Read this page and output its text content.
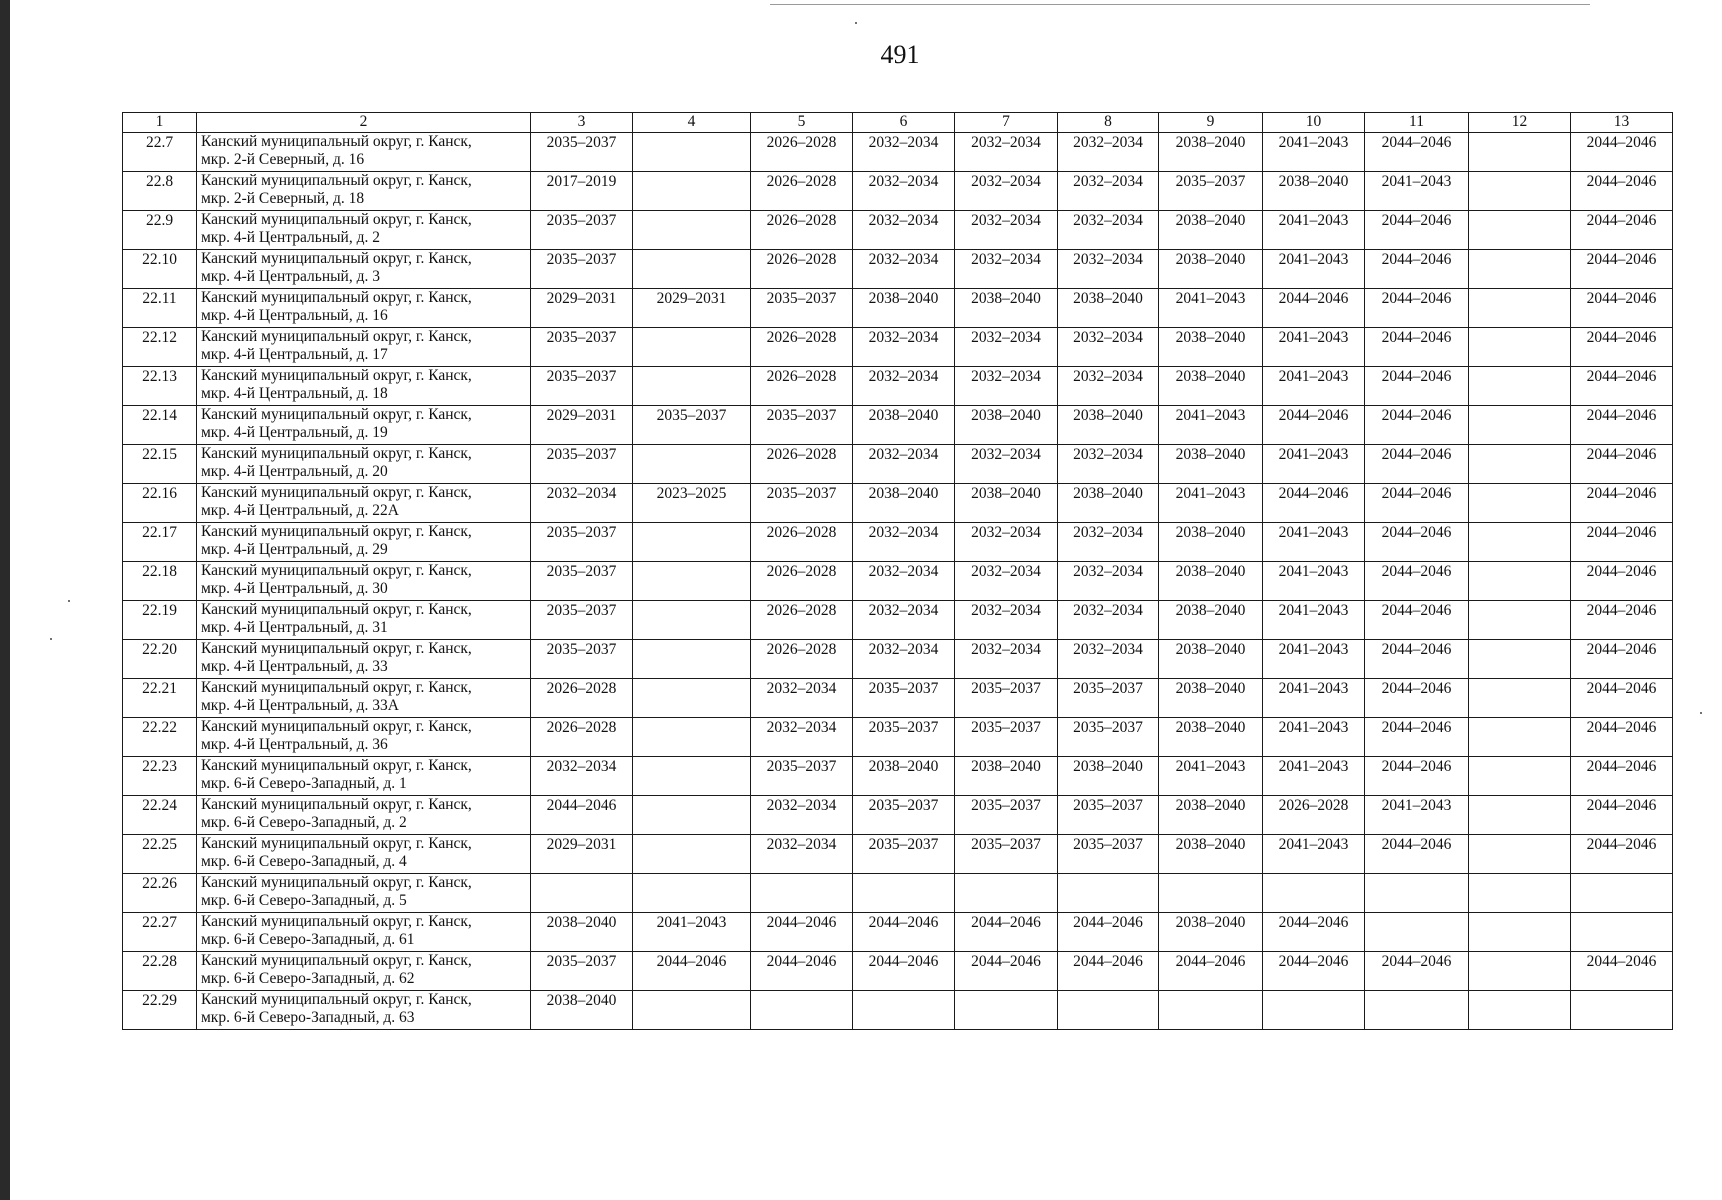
491
1	2	3	4	5	6	7	8	9	10	11	12	13
22.7	Канский муниципальный округ, г. Канск,
мкр. 2-й Северный, д. 16	2035–2037		2026–2028	2032–2034	2032–2034	2032–2034	2038–2040	2041–2043	2044–2046		2044–2046
22.8	Канский муниципальный округ, г. Канск,
мкр. 2-й Северный, д. 18	2017–2019		2026–2028	2032–2034	2032–2034	2032–2034	2035–2037	2038–2040	2041–2043		2044–2046
22.9	Канский муниципальный округ, г. Канск,
мкр. 4-й Центральный, д. 2	2035–2037		2026–2028	2032–2034	2032–2034	2032–2034	2038–2040	2041–2043	2044–2046		2044–2046
22.10	Канский муниципальный округ, г. Канск,
мкр. 4-й Центральный, д. 3	2035–2037		2026–2028	2032–2034	2032–2034	2032–2034	2038–2040	2041–2043	2044–2046		2044–2046
22.11	Канский муниципальный округ, г. Канск,
мкр. 4-й Центральный, д. 16	2029–2031	2029–2031	2035–2037	2038–2040	2038–2040	2038–2040	2041–2043	2044–2046	2044–2046		2044–2046
22.12	Канский муниципальный округ, г. Канск,
мкр. 4-й Центральный, д. 17	2035–2037		2026–2028	2032–2034	2032–2034	2032–2034	2038–2040	2041–2043	2044–2046		2044–2046
22.13	Канский муниципальный округ, г. Канск,
мкр. 4-й Центральный, д. 18	2035–2037		2026–2028	2032–2034	2032–2034	2032–2034	2038–2040	2041–2043	2044–2046		2044–2046
22.14	Канский муниципальный округ, г. Канск,
мкр. 4-й Центральный, д. 19	2029–2031	2035–2037	2035–2037	2038–2040	2038–2040	2038–2040	2041–2043	2044–2046	2044–2046		2044–2046
22.15	Канский муниципальный округ, г. Канск,
мкр. 4-й Центральный, д. 20	2035–2037		2026–2028	2032–2034	2032–2034	2032–2034	2038–2040	2041–2043	2044–2046		2044–2046
22.16	Канский муниципальный округ, г. Канск,
мкр. 4-й Центральный, д. 22А	2032–2034	2023–2025	2035–2037	2038–2040	2038–2040	2038–2040	2041–2043	2044–2046	2044–2046		2044–2046
22.17	Канский муниципальный округ, г. Канск,
мкр. 4-й Центральный, д. 29	2035–2037		2026–2028	2032–2034	2032–2034	2032–2034	2038–2040	2041–2043	2044–2046		2044–2046
22.18	Канский муниципальный округ, г. Канск,
мкр. 4-й Центральный, д. 30	2035–2037		2026–2028	2032–2034	2032–2034	2032–2034	2038–2040	2041–2043	2044–2046		2044–2046
22.19	Канский муниципальный округ, г. Канск,
мкр. 4-й Центральный, д. 31	2035–2037		2026–2028	2032–2034	2032–2034	2032–2034	2038–2040	2041–2043	2044–2046		2044–2046
22.20	Канский муниципальный округ, г. Канск,
мкр. 4-й Центральный, д. 33	2035–2037		2026–2028	2032–2034	2032–2034	2032–2034	2038–2040	2041–2043	2044–2046		2044–2046
22.21	Канский муниципальный округ, г. Канск,
мкр. 4-й Центральный, д. 33А	2026–2028		2032–2034	2035–2037	2035–2037	2035–2037	2038–2040	2041–2043	2044–2046		2044–2046
22.22	Канский муниципальный округ, г. Канск,
мкр. 4-й Центральный, д. 36	2026–2028		2032–2034	2035–2037	2035–2037	2035–2037	2038–2040	2041–2043	2044–2046		2044–2046
22.23	Канский муниципальный округ, г. Канск,
мкр. 6-й Северо-Западный, д. 1	2032–2034		2035–2037	2038–2040	2038–2040	2038–2040	2041–2043	2041–2043	2044–2046		2044–2046
22.24	Канский муниципальный округ, г. Канск,
мкр. 6-й Северо-Западный, д. 2	2044–2046		2032–2034	2035–2037	2035–2037	2035–2037	2038–2040	2026–2028	2041–2043		2044–2046
22.25	Канский муниципальный округ, г. Канск,
мкр. 6-й Северо-Западный, д. 4	2029–2031		2032–2034	2035–2037	2035–2037	2035–2037	2038–2040	2041–2043	2044–2046		2044–2046
22.26	Канский муниципальный округ, г. Канск,
мкр. 6-й Северо-Западный, д. 5											

22.27	Канский муниципальный округ, г. Канск,
мкр. 6-й Северо-Западный, д. 61	2038–2040	2041–2043	2044–2046	2044–2046	2044–2046	2044–2046	2038–2040	2044–2046			
22.28	Канский муниципальный округ, г. Канск,
мкр. 6-й Северо-Западный, д. 62	2035–2037	2044–2046	2044–2046	2044–2046	2044–2046	2044–2046	2044–2046	2044–2046	2044–2046		2044–2046
22.29	Канский муниципальный округ, г. Канск,
мкр. 6-й Северо-Западный, д. 63	2038–2040										
